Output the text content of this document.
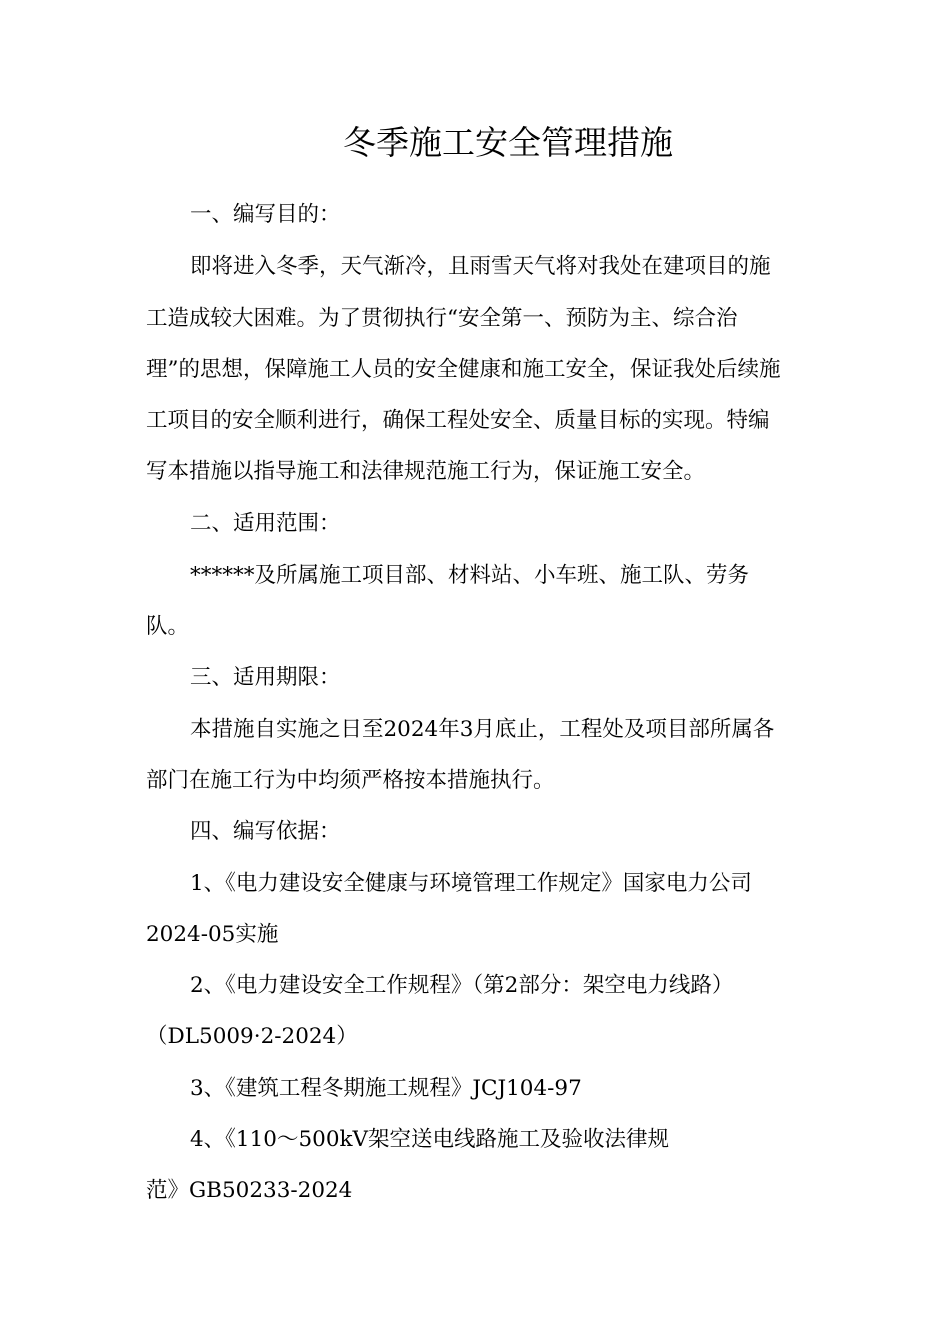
冬季施工安全管理措施
一、编写目的：
即将进入冬季，天气渐冷，且雨雪天气将对我处在建项目的施
工造成较大困难。为了贯彻执行“安全第一、预防为主、综合治
理”的思想，保障施工人员的安全健康和施工安全，保证我处后续施
工项目的安全顺利进行，确保工程处安全、质量目标的实现。特编
写本措施以指导施工和法律规范施工行为，保证施工安全。
二、适用范围：
******及所属施工项目部、材料站、小车班、施工队、劳务
队。
三、适用期限：
本措施自实施之日至2024年3月底止，工程处及项目部所属各
部门在施工行为中均须严格按本措施执行。
四、编写依据：
1、《电力建设安全健康与环境管理工作规定》国家电力公司
2024-05实施
2、《电力建设安全工作规程》（第2部分：架空电力线路）
（DL5009·2-2024）
3、《建筑工程冬期施工规程》JCJ104-97
4、《110～500kV架空送电线路施工及验收法律规
范》GB50233-2024
